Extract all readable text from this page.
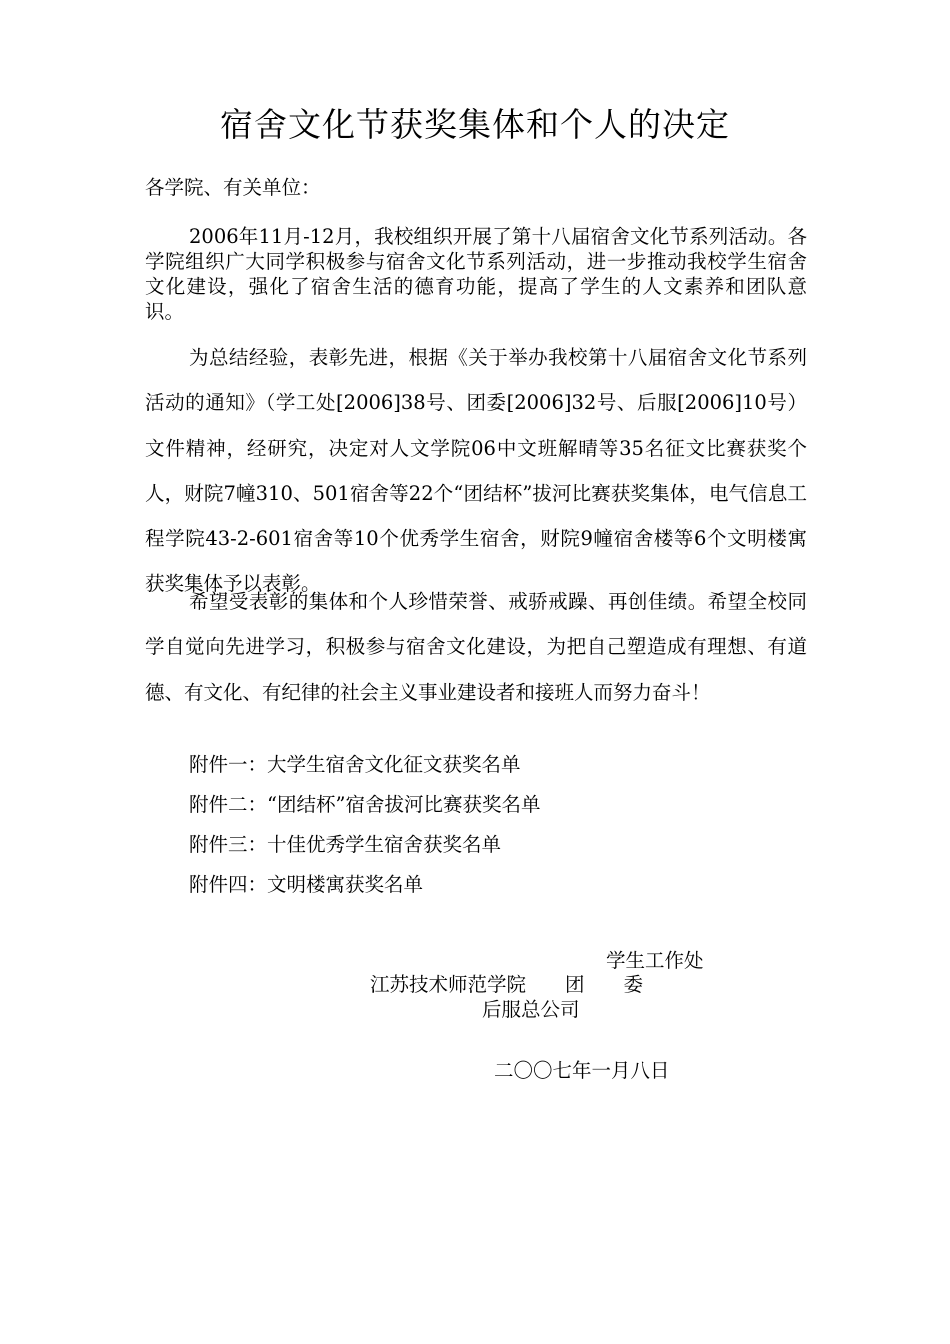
宿舍文化节获奖集体和个人的决定
各学院、有关单位：

2006年11月-12月，我校组织开展了第十八届宿舍文化节系列活动。各学院组织广大同学积极参与宿舍文化节系列活动，进一步推动我校学生宿舍文化建设，强化了宿舍生活的德育功能，提高了学生的人文素养和团队意识。

为总结经验，表彰先进，根据《关于举办我校第十八届宿舍文化节系列活动的通知》（学工处[2006]38号、团委[2006]32号、后服[2006]10号）文件精神，经研究，决定对人文学院06中文班解晴等35名征文比赛获奖个人，财院7幢310、501宿舍等22个“团结杯”拔河比赛获奖集体，电气信息工程学院43-2-601宿舍等10个优秀学生宿舍，财院9幢宿舍楼等6个文明楼寓获奖集体予以表彰。

希望受表彰的集体和个人珍惜荣誉、戒骄戒躁、再创佳绩。希望全校同学自觉向先进学习，积极参与宿舍文化建设，为把自己塑造成有理想、有道德、有文化、有纪律的社会主义事业建设者和接班人而努力奋斗！

附件一：大学生宿舍文化征文获奖名单
附件二：“团结杯”宿舍拔河比赛获奖名单
附件三：十佳优秀学生宿舍获奖名单
附件四：文明楼寓获奖名单
学生工作处
江苏技术师范学院　　团　　委
后服总公司
二〇〇七年一月八日
